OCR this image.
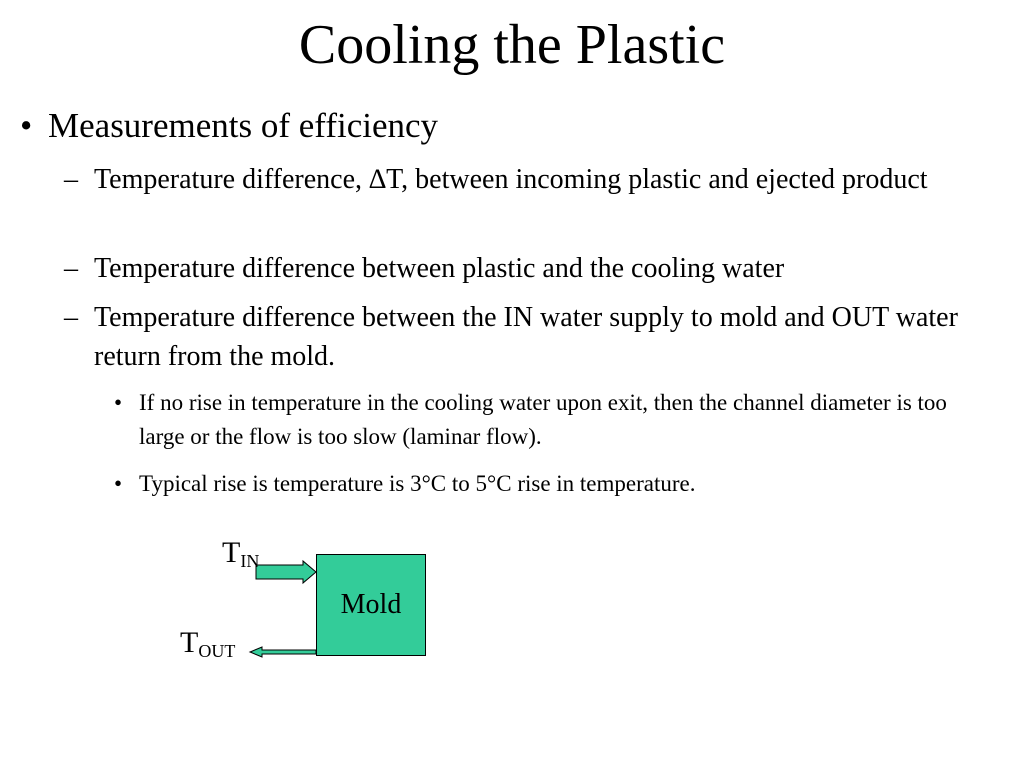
Cooling the Plastic
• Measurements of efficiency
– Temperature difference, ∆T, between incoming plastic and ejected product
– Temperature difference between plastic and the cooling water
– Temperature difference between the IN water supply to mold and OUT water return from the mold.
• If no rise in temperature in the cooling water upon exit, then the channel diameter is too large or the flow is too slow (laminar flow).
• Typical rise is temperature is 3°C to 5°C rise in temperature.
Mold
$T_{IN}$
$T_{OUT}$
